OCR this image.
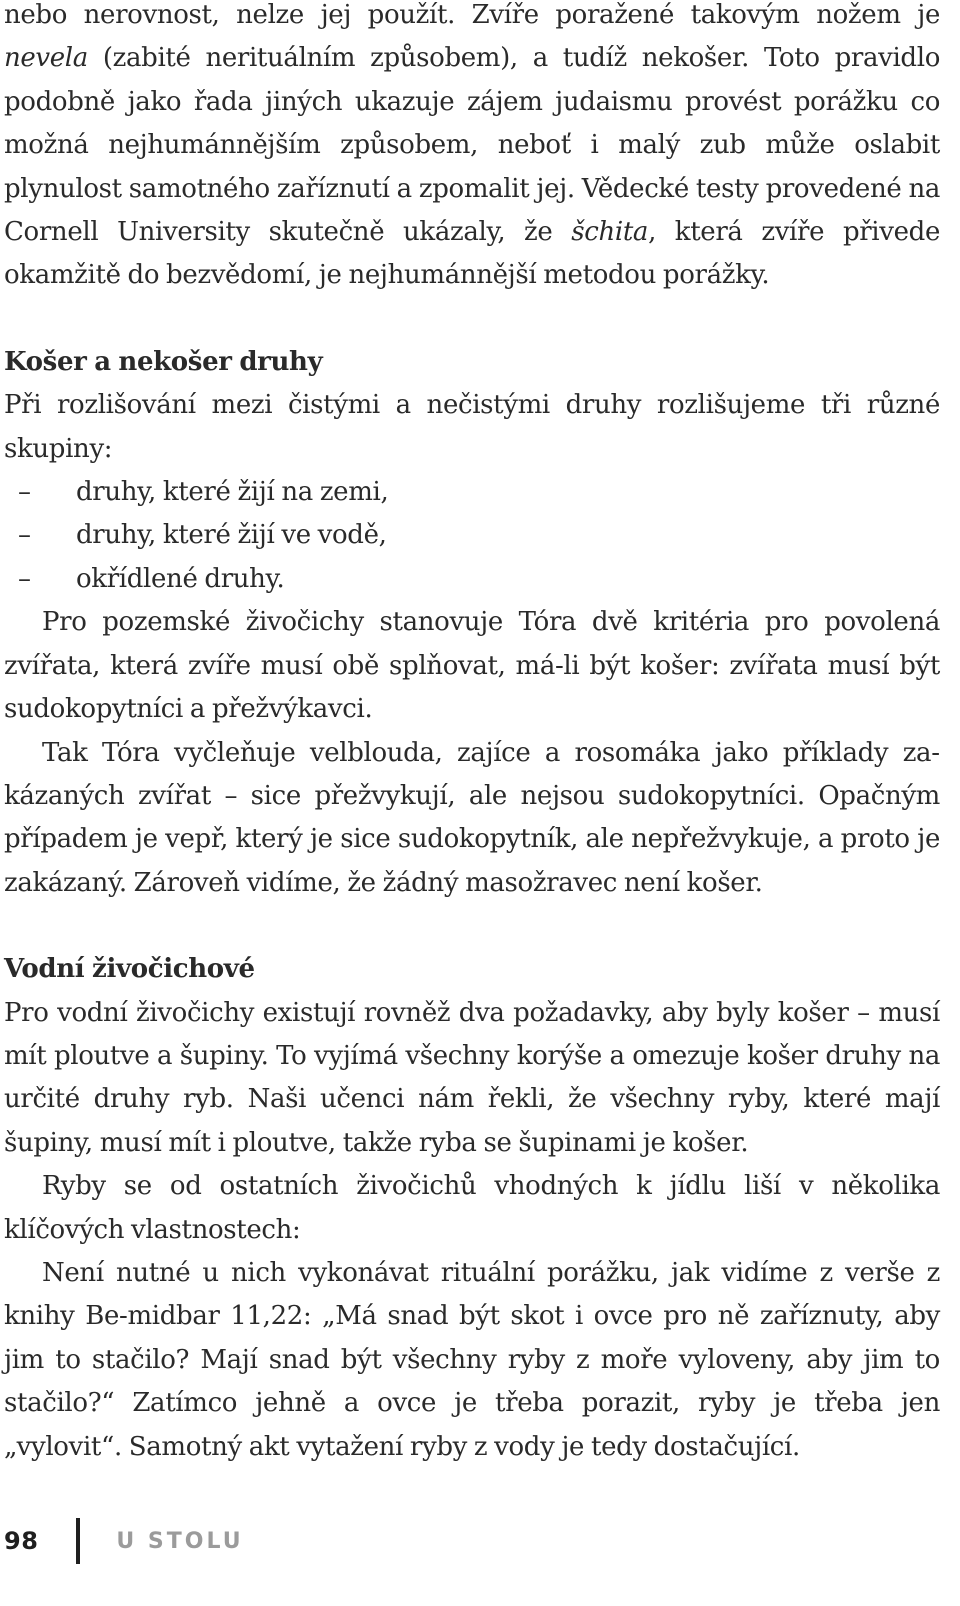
nebo nerovnost, nelze jej použít. Zvíře poražené takovým nožem je nevela (zabité nerituálním způsobem), a tudíž nekošer. Toto pravidlo podobně jako řada jiných ukazuje zájem judaismu provést porážku co možná nejhumánnějším způsobem, neboť i malý zub může oslabit plynulost samotného zaříznutí a zpomalit jej. Vědecké testy provedené na Cornell University skutečně ukázaly, že šchita, která zvíře přivede okamžitě do bezvědomí, je nejhumánnější metodou porážky.

Košer a nekošer druhy

Při rozlišování mezi čistými a nečistými druhy rozlišujeme tři různé skupiny:

– druhy, které žijí na zemi,
– druhy, které žijí ve vodě,
– okřídlené druhy.

Pro pozemské živočichy stanovuje Tóra dvě kritéria pro povolená zvířata, která zvíře musí obě splňovat, má-li být košer: zvířata musí být sudokopytníci a přežvýkavci.

Tak Tóra vyčleňuje velblouda, zajíce a rosomáka jako příklady zakázaných zvířat – sice přežvykují, ale nejsou sudokopytníci. Opačným případem je vepř, který je sice sudokopytník, ale nepřežvykuje, a proto je zakázaný. Zároveň vidíme, že žádný masožravec není košer.

Vodní živočichové

Pro vodní živočichy existují rovněž dva požadavky, aby byly košer – musí mít ploutve a šupiny. To vyjímá všechny korýše a omezuje košer druhy na určité druhy ryb. Naši učenci nám řekli, že všechny ryby, které mají šupiny, musí mít i ploutve, takže ryba se šupinami je košer.

Ryby se od ostatních živočichů vhodných k jídlu liší v několika klíčových vlastnostech:

Není nutné u nich vykonávat rituální porážku, jak vidíme z verše z knihy Be-midbar 11,22: „Má snad být skot i ovce pro ně zaříznuty, aby jim to stačilo? Mají snad být všechny ryby z moře vyloveny, aby jim to stačilo?“ Zatímco jehně a ovce je třeba porazit, ryby je třeba jen „vylovit“. Samotný akt vytažení ryby z vody je tedy dostačující.

98	U STOLU
